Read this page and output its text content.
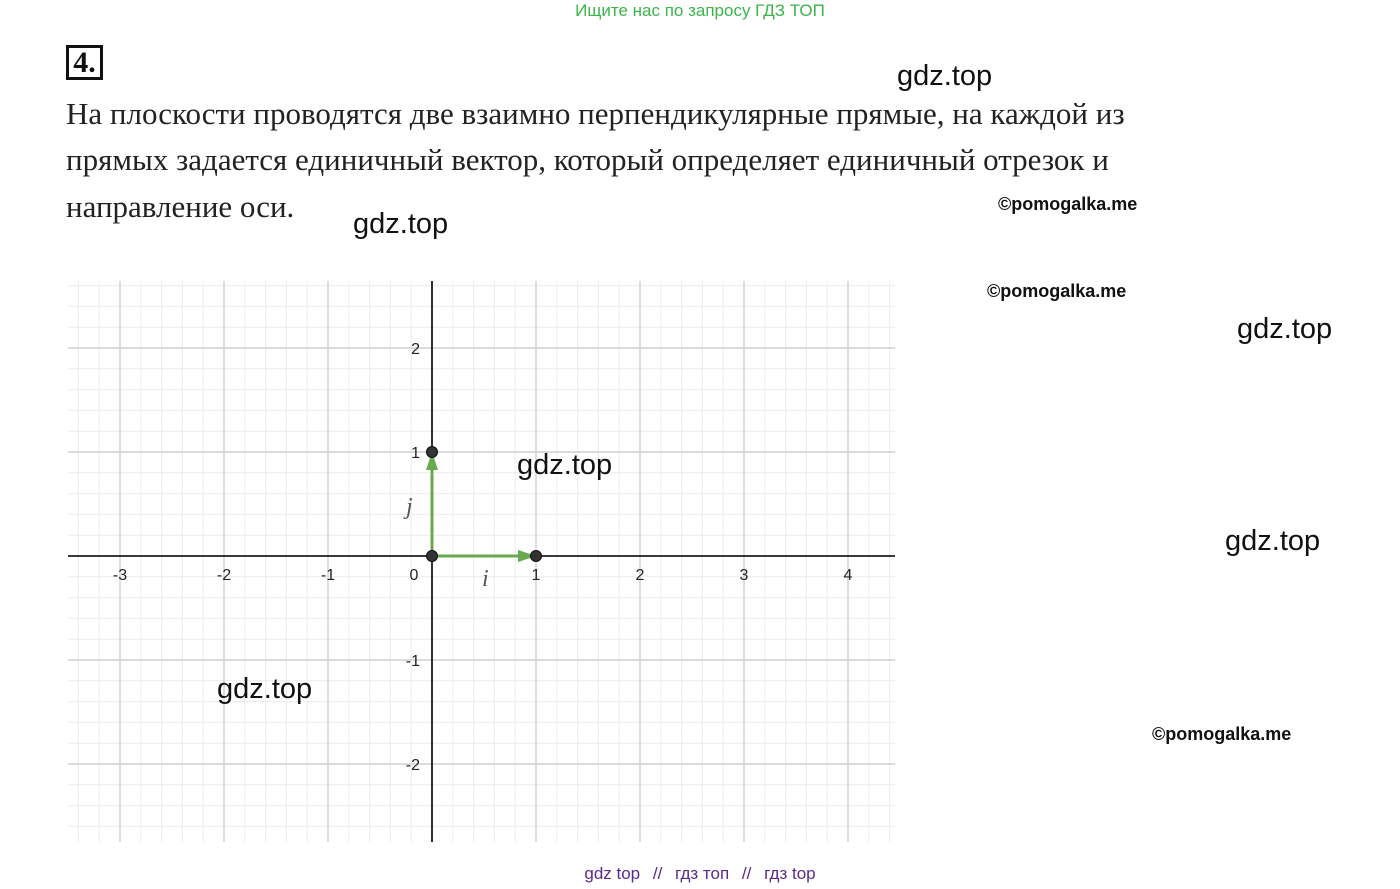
Ищите нас по запросу ГДЗ ТОП
4.
На плоскости проводятся две взаимно перпендикулярные прямые, на каждой из
прямых задается единичный вектор, который определяет единичный отрезок и
направление оси.
-3	-2	-1	0	1	2	3	4
-2
-1
1
2
i⃗
j⃗
gdz.top
gdz.top
gdz.top
gdz.top
gdz.top
gdz.top
©pomogalka.me
©pomogalka.me
©pomogalka.me
gdz top // гдз топ // гдз top
